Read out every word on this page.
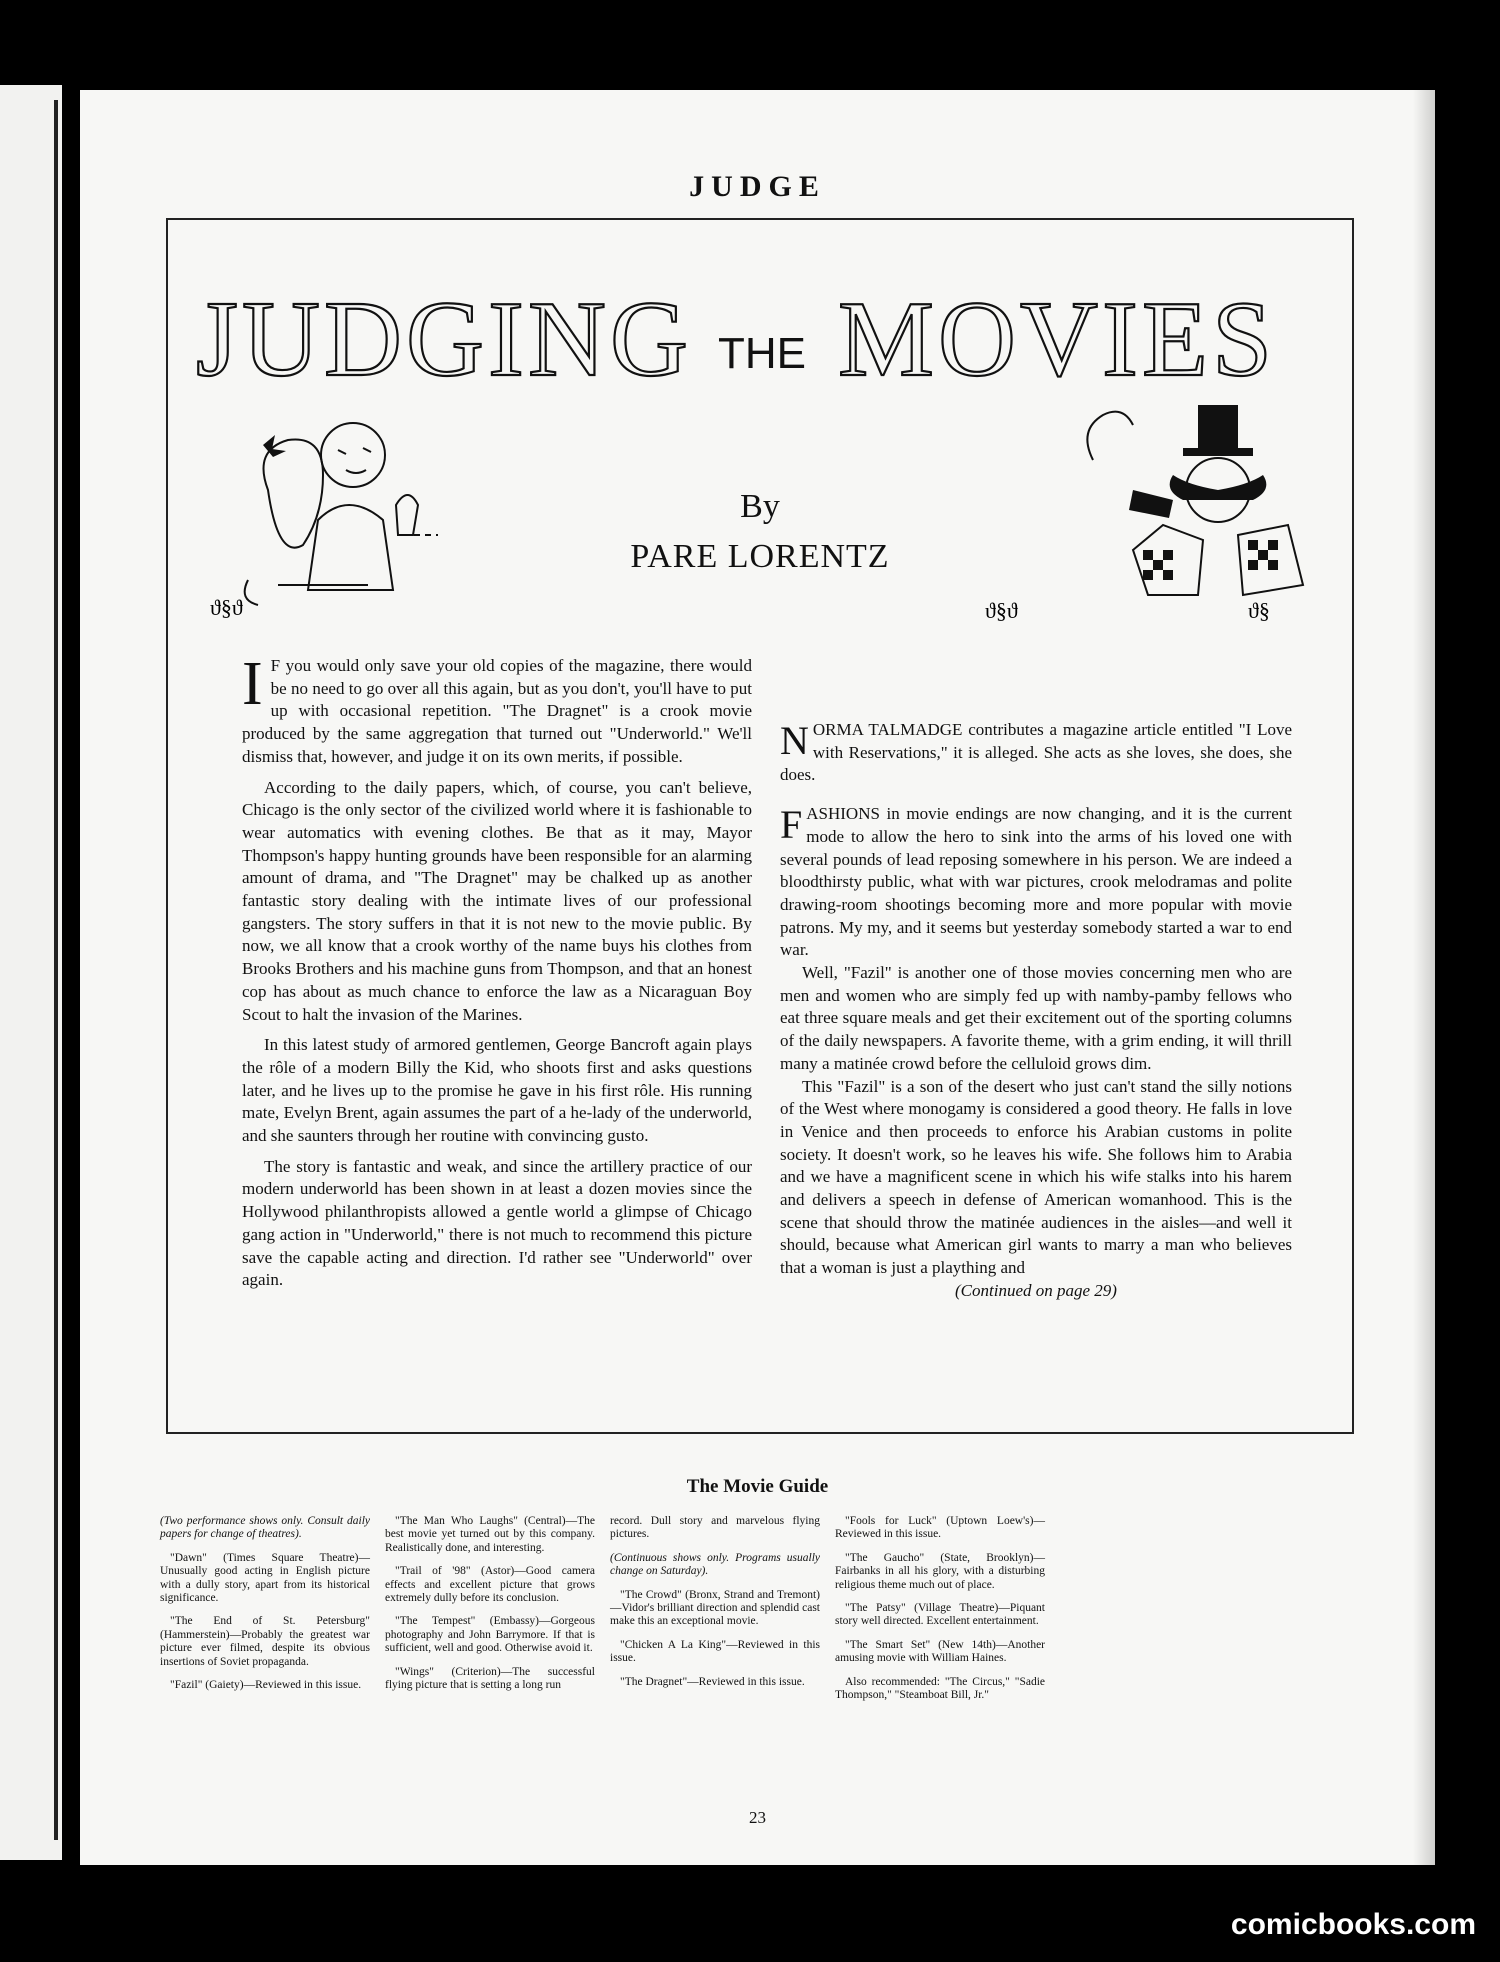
JUDGE
JUDGING THE MOVIES
ϑ§ϑ
By
PARE LORENTZ
ϑ§ϑ	ϑ§

I F you would only save your old copies of the magazine, there would be no need to go over all this again, but as you don't, you'll have to put up with occasional repetition. "The Dragnet" is a crook movie produced by the same aggregation that turned out "Underworld." We'll dismiss that, however, and judge it on its own merits, if possible.

According to the daily papers, which, of course, you can't believe, Chicago is the only sector of the civilized world where it is fashionable to wear automatics with evening clothes. Be that as it may, Mayor Thompson's happy hunting grounds have been responsible for an alarming amount of drama, and "The Dragnet" may be chalked up as another fantastic story dealing with the intimate lives of our professional gangsters. The story suffers in that it is not new to the movie public. By now, we all know that a crook worthy of the name buys his clothes from Brooks Brothers and his machine guns from Thompson, and that an honest cop has about as much chance to enforce the law as a Nicaraguan Boy Scout to halt the invasion of the Marines.

In this latest study of armored gentlemen, George Bancroft again plays the rôle of a modern Billy the Kid, who shoots first and asks questions later, and he lives up to the promise he gave in his first rôle. His running mate, Evelyn Brent, again assumes the part of a he-lady of the underworld, and she saunters through her routine with convincing gusto.

The story is fantastic and weak, and since the artillery practice of our modern underworld has been shown in at least a dozen movies since the Hollywood philanthropists allowed a gentle world a glimpse of Chicago gang action in "Underworld," there is not much to recommend this picture save the capable acting and direction. I'd rather see "Underworld" over again.

NORMA TALMADGE contributes a magazine article entitled "I Love with Reservations," it is alleged. She acts as she loves, she does, she does.

FASHIONS in movie endings are now changing, and it is the current mode to allow the hero to sink into the arms of his loved one with several pounds of lead reposing somewhere in his person. We are indeed a bloodthirsty public, what with war pictures, crook melodramas and polite drawing-room shootings becoming more and more popular with movie patrons. My my, and it seems but yesterday somebody started a war to end war.

Well, "Fazil" is another one of those movies concerning men who are men and women who are simply fed up with namby-pamby fellows who eat three square meals and get their excitement out of the sporting columns of the daily newspapers. A favorite theme, with a grim ending, it will thrill many a matinée crowd before the celluloid grows dim.

This "Fazil" is a son of the desert who just can't stand the silly notions of the West where monogamy is considered a good theory. He falls in love in Venice and then proceeds to enforce his Arabian customs in polite society. It doesn't work, so he leaves his wife. She follows him to Arabia and we have a magnificent scene in which his wife stalks into his harem and delivers a speech in defense of American womanhood. This is the scene that should throw the matinée audiences in the aisles—and well it should, because what American girl wants to marry a man who believes that a woman is just a plaything and

(Continued on page 29)

The Movie Guide

(Two performance shows only. Consult daily papers for change of theatres).

"Dawn" (Times Square Theatre)—Unusually good acting in English picture with a dully story, apart from its historical significance.

"The End of St. Petersburg" (Hammerstein)—Probably the greatest war picture ever filmed, despite its obvious insertions of Soviet propaganda.

"Fazil" (Gaiety)—Reviewed in this issue.

"The Man Who Laughs" (Central)—The best movie yet turned out by this company. Realistically done, and interesting.

"Trail of '98" (Astor)—Good camera effects and excellent picture that grows extremely dully before its conclusion.

"The Tempest" (Embassy)—Gorgeous photography and John Barrymore. If that is sufficient, well and good. Otherwise avoid it.

"Wings" (Criterion)—The successful flying picture that is setting a long run

record. Dull story and marvelous flying pictures.

(Continuous shows only. Programs usually change on Saturday).

"The Crowd" (Bronx, Strand and Tremont)—Vidor's brilliant direction and splendid cast make this an exceptional movie.

"Chicken A La King"—Reviewed in this issue.

"The Dragnet"—Reviewed in this issue.

"Fools for Luck" (Uptown Loew's)—Reviewed in this issue.

"The Gaucho" (State, Brooklyn)—Fairbanks in all his glory, with a disturbing religious theme much out of place.

"The Patsy" (Village Theatre)—Piquant story well directed. Excellent entertainment.

"The Smart Set" (New 14th)—Another amusing movie with William Haines.

Also recommended: "The Circus," "Sadie Thompson," "Steamboat Bill, Jr."

23
comicbooks.com
